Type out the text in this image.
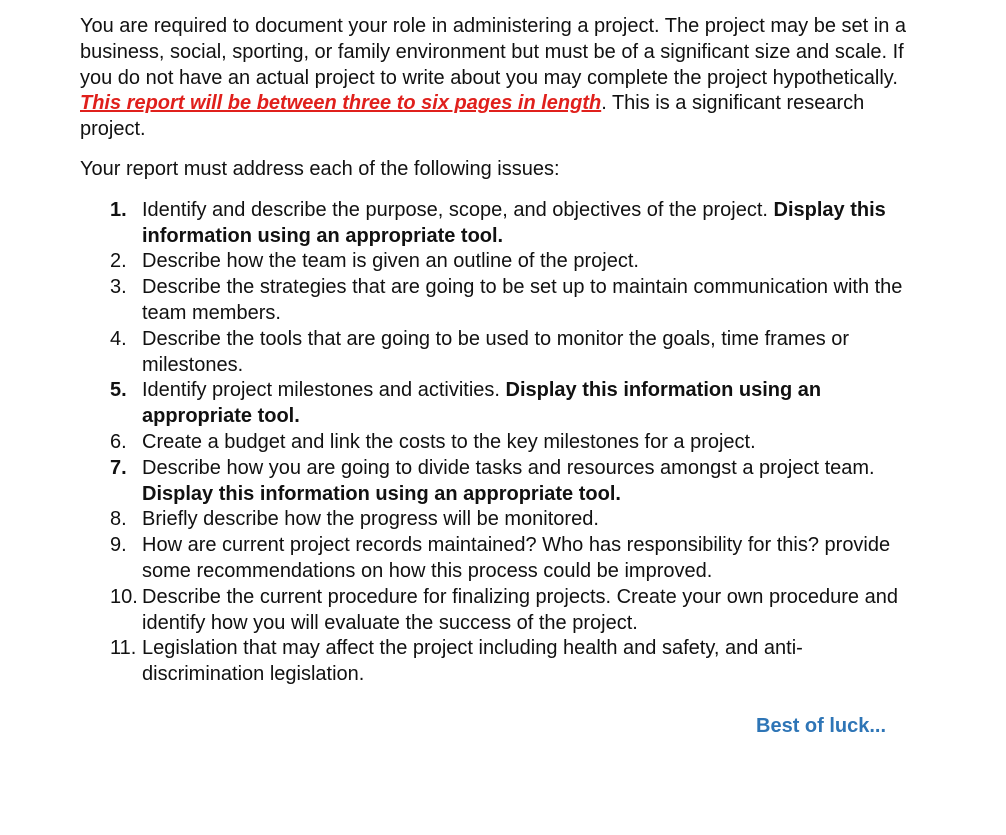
You are required to document your role in administering a project. The project may be set in a business, social, sporting, or family environment but must be of a significant size and scale. If you do not have an actual project to write about you may complete the project hypothetically. This report will be between three to six pages in length. This is a significant research project.

Your report must address each of the following issues:

1. Identify and describe the purpose, scope, and objectives of the project. Display this information using an appropriate tool.
2. Describe how the team is given an outline of the project.
3. Describe the strategies that are going to be set up to maintain communication with the team members.
4. Describe the tools that are going to be used to monitor the goals, time frames or milestones.
5. Identify project milestones and activities. Display this information using an appropriate tool.
6. Create a budget and link the costs to the key milestones for a project.
7. Describe how you are going to divide tasks and resources amongst a project team. Display this information using an appropriate tool.
8. Briefly describe how the progress will be monitored.
9. How are current project records maintained? Who has responsibility for this? provide some recommendations on how this process could be improved.
10. Describe the current procedure for finalizing projects. Create your own procedure and identify how you will evaluate the success of the project.
11. Legislation that may affect the project including health and safety, and anti-discrimination legislation.
Best of luck...
